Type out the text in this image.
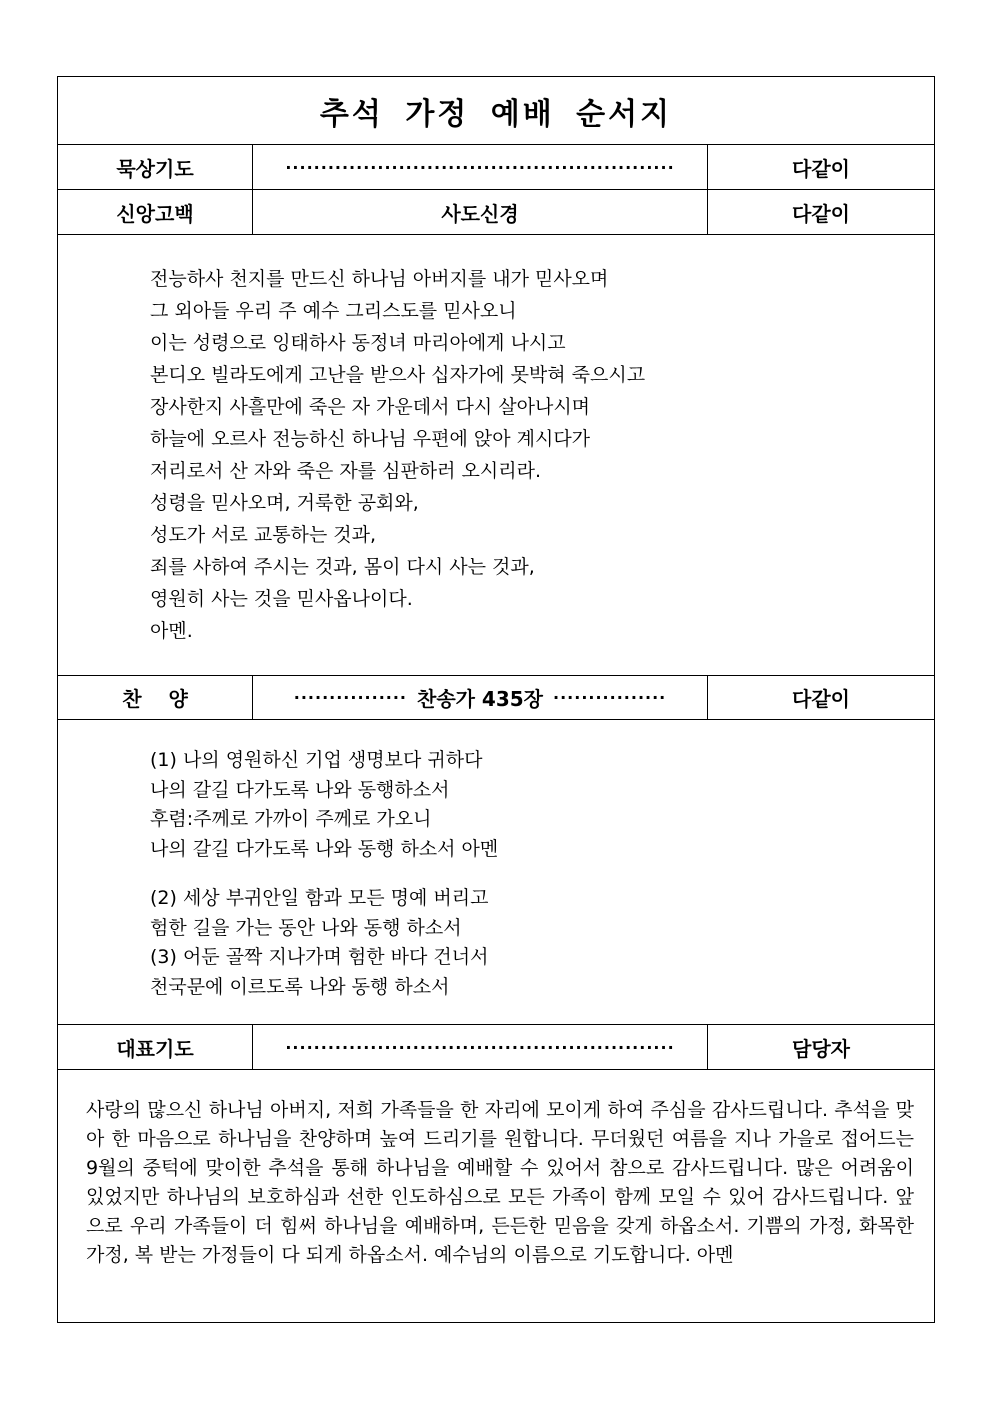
추석 가정 예배 순서지
묵상기도	·······················································	다같이
신앙고백	사도신경	다같이
전능하사 천지를 만드신 하나님 아버지를 내가 믿사오며
그 외아들 우리 주 예수 그리스도를 믿사오니
이는 성령으로 잉태하사 동정녀 마리아에게 나시고
본디오 빌라도에게 고난을 받으사 십자가에 못박혀 죽으시고
장사한지 사흘만에 죽은 자 가운데서 다시 살아나시며
하늘에 오르사 전능하신 하나님 우편에 앉아 계시다가
저리로서 산 자와 죽은 자를 심판하러 오시리라.
성령을 믿사오며, 거룩한 공회와,
성도가 서로 교통하는 것과,
죄를 사하여 주시는 것과, 몸이 다시 사는 것과,
영원히 사는 것을 믿사옵나이다.
아멘.
찬　 양	················ 찬송가 435장 ················	다같이
(1) 나의 영원하신 기업 생명보다 귀하다
나의 갈길 다가도록 나와 동행하소서
후렴:주께로 가까이 주께로 가오니
나의 갈길 다가도록 나와 동행 하소서 아멘
(2) 세상 부귀안일 함과 모든 명예 버리고
험한 길을 가는 동안 나와 동행 하소서
(3) 어둔 골짝 지나가며 험한 바다 건너서
천국문에 이르도록 나와 동행 하소서
대표기도	·······················································	담당자
사랑의 많으신 하나님 아버지, 저희 가족들을 한 자리에 모이게 하여 주심을 감사드립니다. 추석을 맞아 한 마음으로 하나님을 찬양하며 높여 드리기를 원합니다. 무더웠던 여름을 지나 가을로 접어드는 9월의 중턱에 맞이한 추석을 통해 하나님을 예배할 수 있어서 참으로 감사드립니다. 많은 어려움이 있었지만 하나님의 보호하심과 선한 인도하심으로 모든 가족이 함께 모일 수 있어 감사드립니다. 앞으로 우리 가족들이 더 힘써 하나님을 예배하며, 든든한 믿음을 갖게 하옵소서. 기쁨의 가정, 화목한 가정, 복 받는 가정들이 다 되게 하옵소서. 예수님의 이름으로 기도합니다. 아멘
